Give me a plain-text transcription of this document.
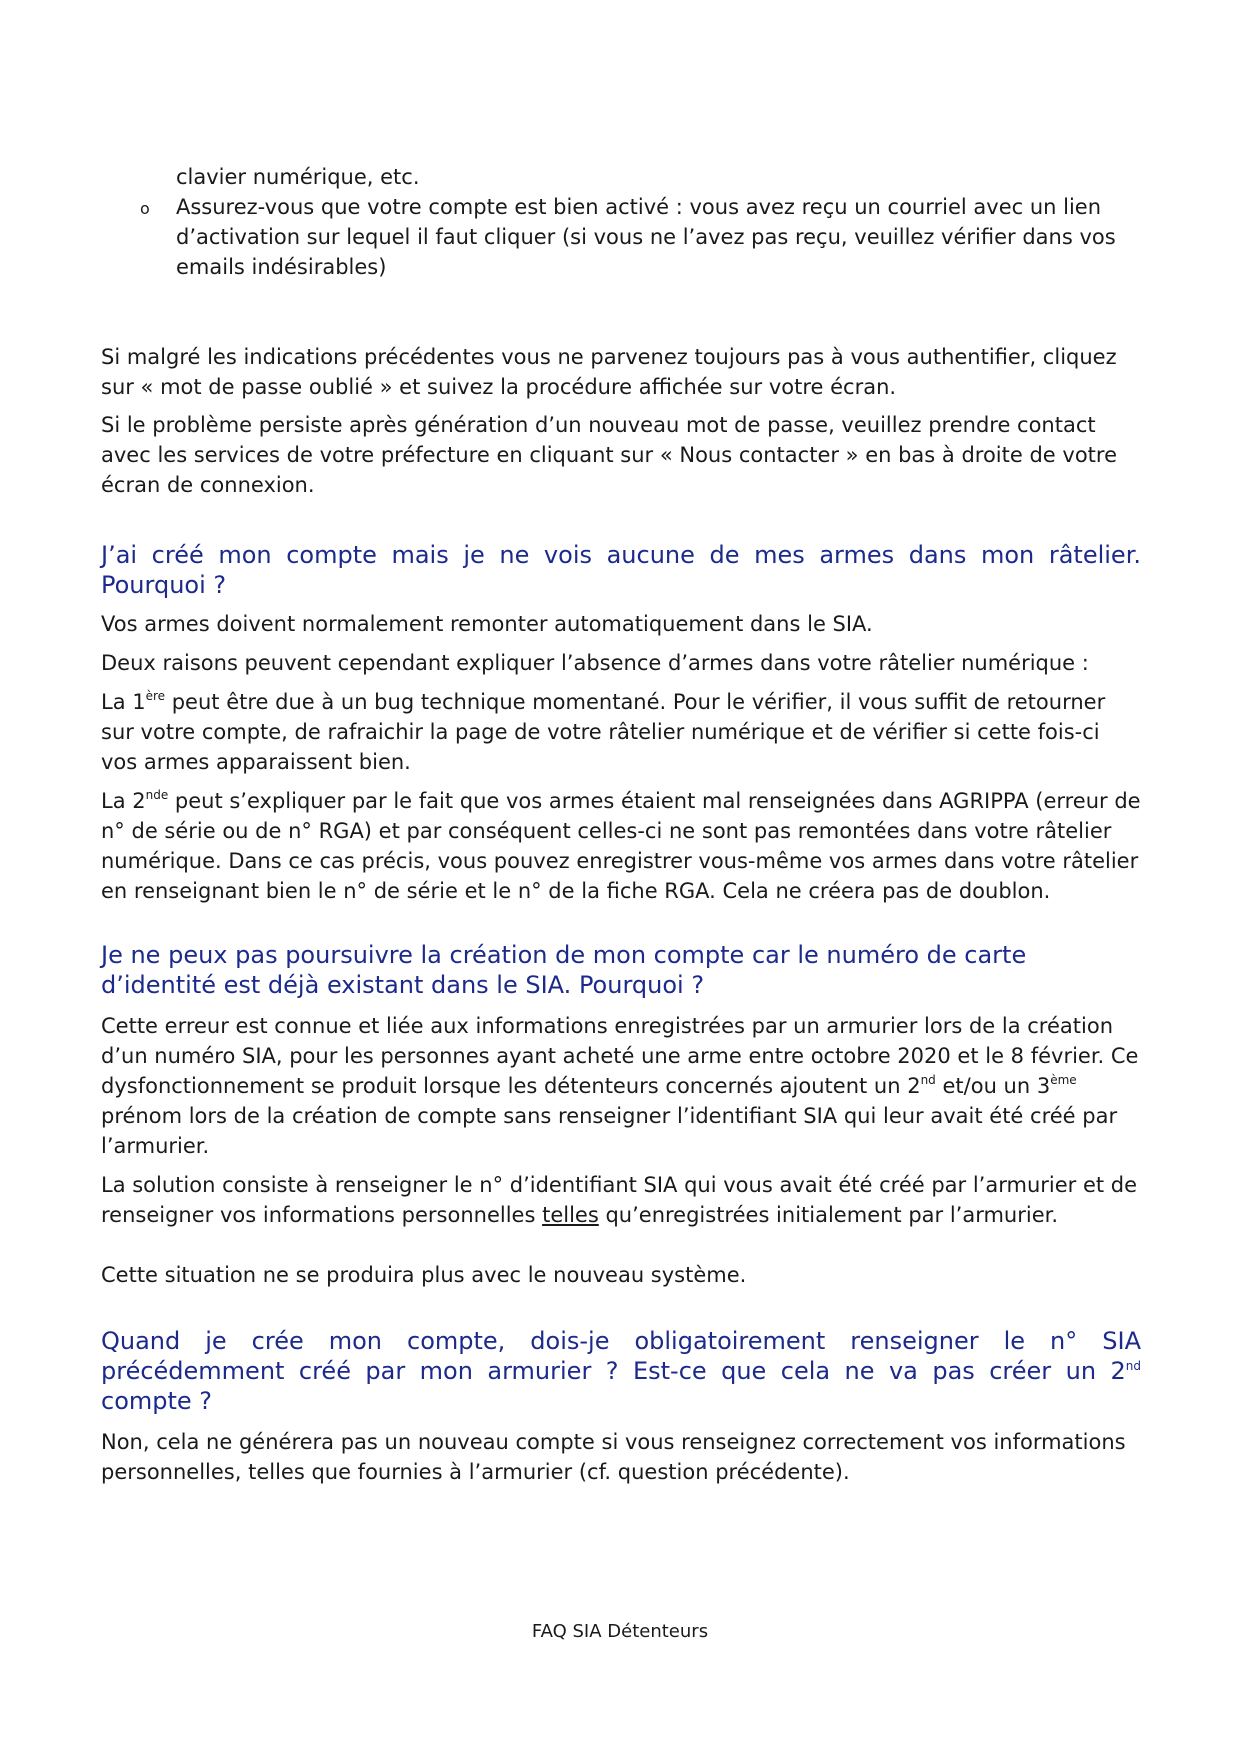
clavier numérique, etc.
o Assurez-vous que votre compte est bien activé : vous avez reçu un courriel avec un lien d’activation sur lequel il faut cliquer (si vous ne l’avez pas reçu, veuillez vérifier dans vos emails indésirables)

Si malgré les indications précédentes vous ne parvenez toujours pas à vous authentifier, cliquez sur « mot de passe oublié » et suivez la procédure affichée sur votre écran.

Si le problème persiste après génération d’un nouveau mot de passe, veuillez prendre contact avec les services de votre préfecture en cliquant sur « Nous contacter » en bas à droite de votre écran de connexion.

J’ai créé mon compte mais je ne vois aucune de mes armes dans mon râtelier. Pourquoi ?

Vos armes doivent normalement remonter automatiquement dans le SIA.

Deux raisons peuvent cependant expliquer l’absence d’armes dans votre râtelier numérique :

La 1ère peut être due à un bug technique momentané. Pour le vérifier, il vous suffit de retourner sur votre compte, de rafraichir la page de votre râtelier numérique et de vérifier si cette fois-ci vos armes apparaissent bien.

La 2nde peut s’expliquer par le fait que vos armes étaient mal renseignées dans AGRIPPA (erreur de n° de série ou de n° RGA) et par conséquent celles-ci ne sont pas remontées dans votre râtelier numérique. Dans ce cas précis, vous pouvez enregistrer vous-même vos armes dans votre râtelier en renseignant bien le n° de série et le n° de la fiche RGA. Cela ne créera pas de doublon.

Je ne peux pas poursuivre la création de mon compte car le numéro de carte d’identité est déjà existant dans le SIA. Pourquoi ?

Cette erreur est connue et liée aux informations enregistrées par un armurier lors de la création d’un numéro SIA, pour les personnes ayant acheté une arme entre octobre 2020 et le 8 février. Ce dysfonctionnement se produit lorsque les détenteurs concernés ajoutent un 2nd et/ou un 3ème prénom lors de la création de compte sans renseigner l’identifiant SIA qui leur avait été créé par l’armurier.

La solution consiste à renseigner le n° d’identifiant SIA qui vous avait été créé par l’armurier et de renseigner vos informations personnelles telles qu’enregistrées initialement par l’armurier.

Cette situation ne se produira plus avec le nouveau système.

Quand je crée mon compte, dois-je obligatoirement renseigner le n° SIA précédemment créé par mon armurier ? Est-ce que cela ne va pas créer un 2nd compte ?

Non, cela ne générera pas un nouveau compte si vous renseignez correctement vos informations personnelles, telles que fournies à l’armurier (cf. question précédente).

FAQ SIA Détenteurs
